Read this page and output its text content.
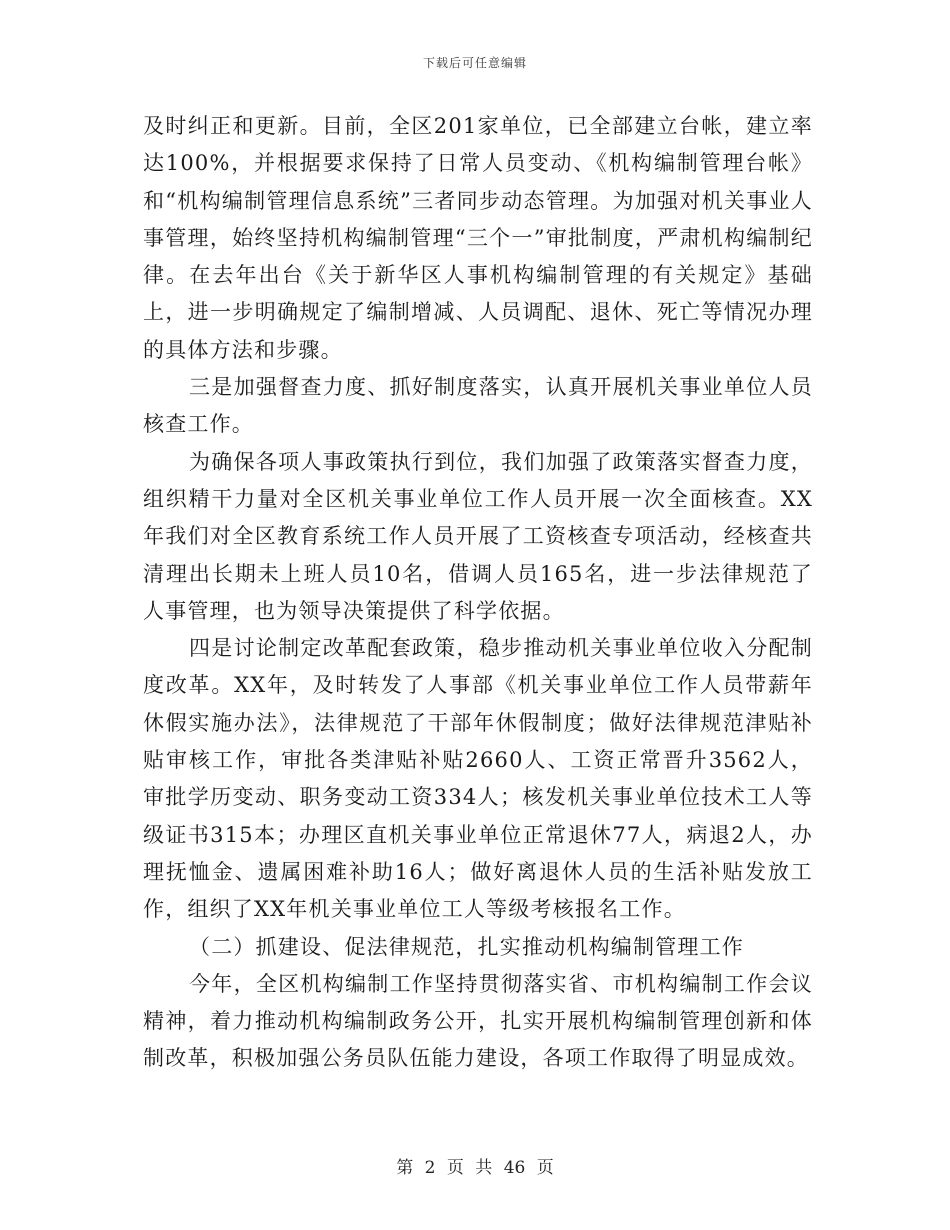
下载后可任意编辑

及时纠正和更新。目前，全区201家单位，已全部建立台帐，建立率达100%，并根据要求保持了日常人员变动、《机构编制管理台帐》和“机构编制管理信息系统”三者同步动态管理。为加强对机关事业人事管理，始终坚持机构编制管理“三个一”审批制度，严肃机构编制纪律。在去年出台《关于新华区人事机构编制管理的有关规定》基础上，进一步明确规定了编制增减、人员调配、退休、死亡等情况办理的具体方法和步骤。

三是加强督查力度、抓好制度落实，认真开展机关事业单位人员核查工作。

为确保各项人事政策执行到位，我们加强了政策落实督查力度，组织精干力量对全区机关事业单位工作人员开展一次全面核查。XX年我们对全区教育系统工作人员开展了工资核查专项活动，经核查共清理出长期未上班人员10名，借调人员165名，进一步法律规范了人事管理，也为领导决策提供了科学依据。

四是讨论制定改革配套政策，稳步推动机关事业单位收入分配制度改革。XX年，及时转发了人事部《机关事业单位工作人员带薪年休假实施办法》，法律规范了干部年休假制度；做好法律规范津贴补贴审核工作，审批各类津贴补贴2660人、工资正常晋升3562人，审批学历变动、职务变动工资334人；核发机关事业单位技术工人等级证书315本；办理区直机关事业单位正常退休77人，病退2人，办理抚恤金、遗属困难补助16人；做好离退休人员的生活补贴发放工作，组织了XX年机关事业单位工人等级考核报名工作。

（二）抓建设、促法律规范，扎实推动机构编制管理工作

今年，全区机构编制工作坚持贯彻落实省、市机构编制工作会议精神，着力推动机构编制政务公开，扎实开展机构编制管理创新和体制改革，积极加强公务员队伍能力建设，各项工作取得了明显成效。

第 2 页 共 46 页
